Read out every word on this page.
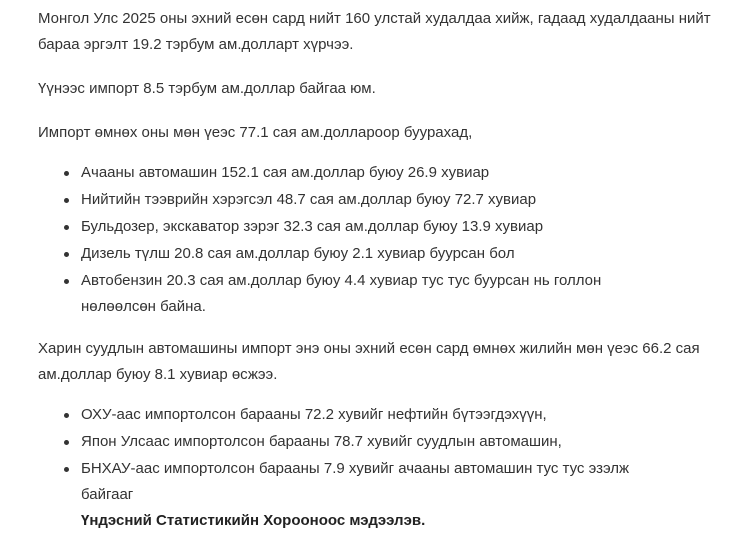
Монгол Улс 2025 оны эхний есөн сард нийт 160 улстай худалдаа хийж, гадаад худалдааны нийт бараа эргэлт 19.2 тэрбум ам.долларт хүрчээ.

Үүнээс импорт 8.5 тэрбум ам.доллар байгаа юм.

Импорт өмнөх оны мөн үеэс 77.1 сая ам.доллароор буурахад,

Ачааны автомашин 152.1 сая ам.доллар буюу 26.9 хувиар
Нийтийн тээврийн хэрэгсэл 48.7 сая ам.доллар буюу 72.7 хувиар
Бульдозер, экскаватор зэрэг 32.3 сая ам.доллар буюу 13.9 хувиар
Дизель түлш 20.8 сая ам.доллар буюу 2.1 хувиар буурсан бол
Автобензин 20.3 сая ам.доллар буюу 4.4 хувиар тус тус буурсан нь голлон нөлөөлсөн байна.

Харин суудлын автомашины импорт энэ оны эхний есөн сард өмнөх жилийн мөн үеэс 66.2 сая ам.доллар буюу 8.1 хувиар өсжээ.

ОХУ-аас импортолсон барааны 72.2 хувийг нефтийн бүтээгдэхүүн,
Япон Улсаас импортолсон барааны 78.7 хувийг суудлын автомашин,
БНХАУ-аас импортолсон барааны 7.9 хувийг ачааны автомашин тус тус эзэлж байгааг
Үндэсний Статистикийн Хорооноос мэдээлэв.
